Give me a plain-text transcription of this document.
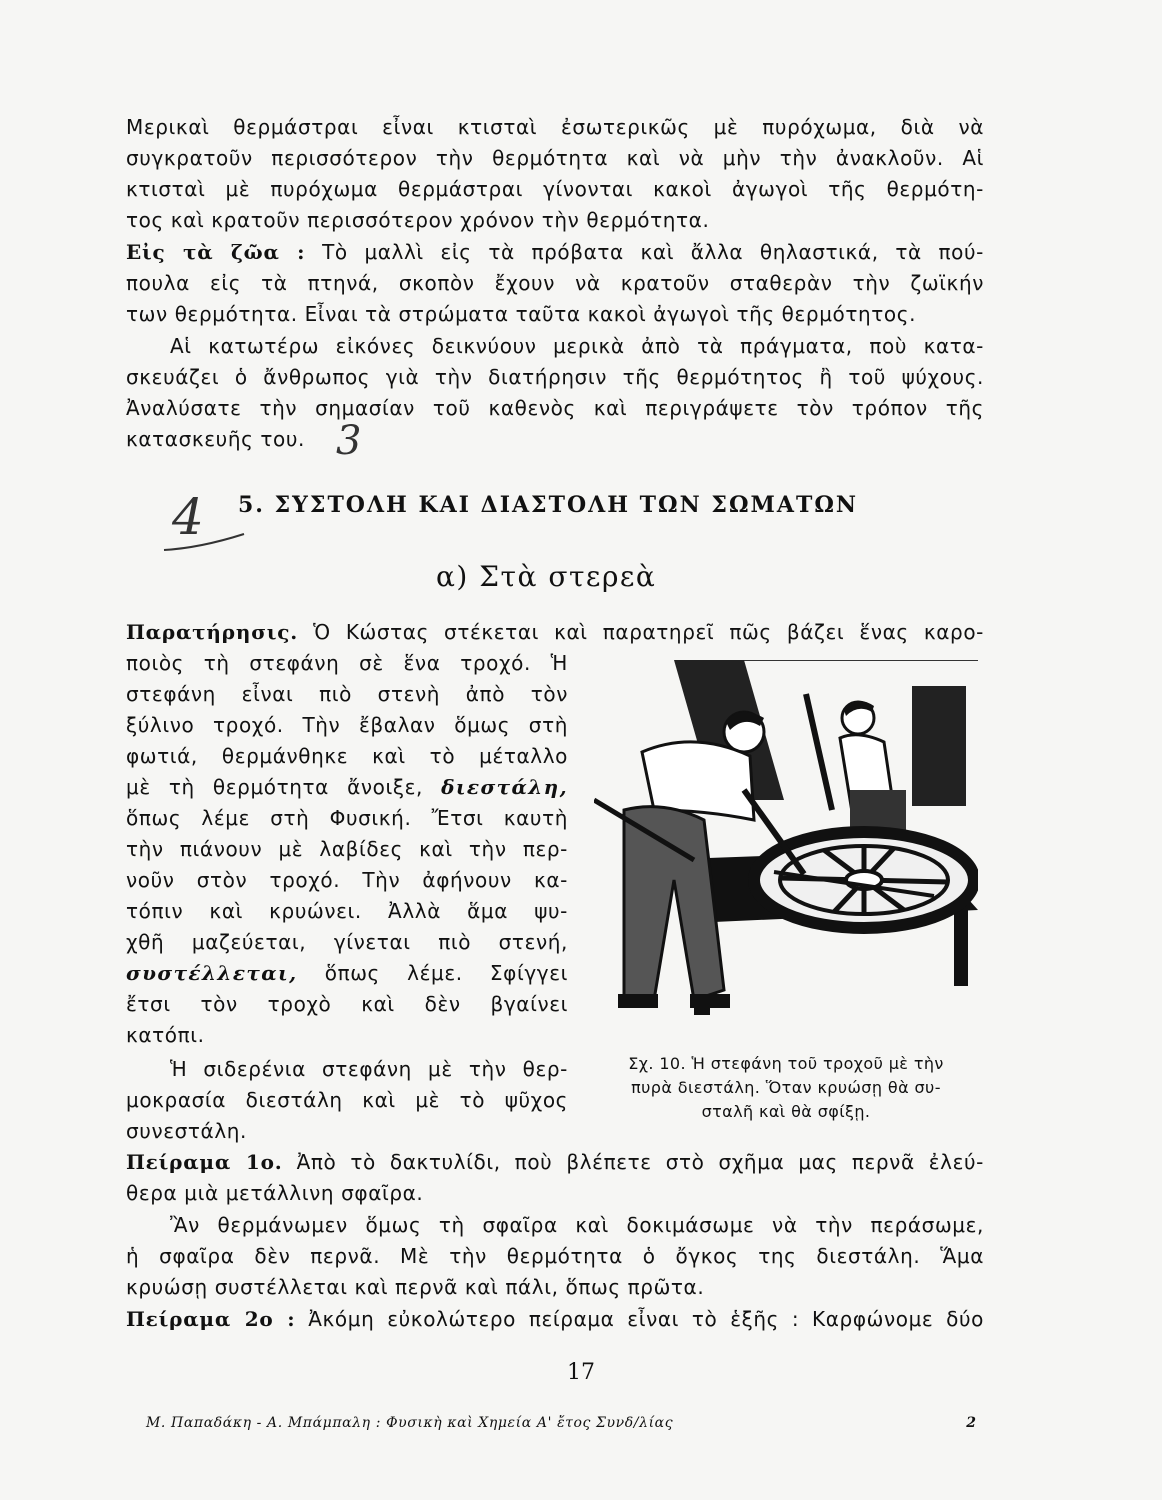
Μερικαὶ θερμάστραι εἶναι κτισταὶ ἐσωτερικῶς μὲ πυρόχωμα, διὰ νὰ
συγκρατοῦν περισσότερον τὴν θερμότητα καὶ νὰ μὴν τὴν ἀνακλοῦν. Αἱ
κτισταὶ μὲ πυρόχωμα θερμάστραι γίνονται κακοὶ ἀγωγοὶ τῆς θερμότη-
τος καὶ κρατοῦν περισσότερον χρόνον τὴν θερμότητα.
Εἰς τὰ ζῶα : Τὸ μαλλὶ εἰς τὰ πρόβατα καὶ ἄλλα θηλαστικά, τὰ πού-
πουλα εἰς τὰ πτηνά, σκοπὸν ἔχουν νὰ κρατοῦν σταθερὰν τὴν ζωϊκήν
των θερμότητα. Εἶναι τὰ στρώματα ταῦτα κακοὶ ἀγωγοὶ τῆς θερμότητος.
Αἱ κατωτέρω εἰκόνες δεικνύουν μερικὰ ἀπὸ τὰ πράγματα, ποὺ κατα-
σκευάζει ὁ ἄνθρωπος γιὰ τὴν διατήρησιν τῆς θερμότητος ἢ τοῦ ψύχους.
Ἀναλύσατε τὴν σημασίαν τοῦ καθενὸς καὶ περιγράψετε τὸν τρόπον τῆς
κατασκευῆς του. 3
4 5. ΣΥΣΤΟΛΗ ΚΑΙ ΔΙΑΣΤΟΛΗ ΤΩΝ ΣΩΜΑΤΩΝ
α) Στὰ στερεὰ
Παρατήρησις. Ὁ Κώστας στέκεται καὶ παρατηρεῖ πῶς βάζει ἕνας καρο-
ποιὸς τὴ στεφάνη σὲ ἕνα τροχό. Ἡ
στεφάνη εἶναι πιὸ στενὴ ἀπὸ τὸν
ξύλινο τροχό. Τὴν ἔβαλαν ὅμως στὴ
φωτιά, θερμάνθηκε καὶ τὸ μέταλλο
μὲ τὴ θερμότητα ἄνοιξε, διεστάλη,
ὅπως λέμε στὴ Φυσική. Ἔτσι καυτὴ
τὴν πιάνουν μὲ λαβίδες καὶ τὴν περ-
νοῦν στὸν τροχό. Τὴν ἀφήνουν κα-
τόπιν καὶ κρυώνει. Ἀλλὰ ἅμα ψυ-
χθῆ μαζεύεται, γίνεται πιὸ στενή,
συστέλλεται, ὅπως λέμε. Σφίγγει
ἔτσι τὸν τροχὸ καὶ δὲν βγαίνει
κατόπι.
Ἡ σιδερένια στεφάνη μὲ τὴν θερ-
μοκρασία διεστάλη καὶ μὲ τὸ ψῦχος
συνεστάλη.
Σχ. 10. Ἡ στεφάνη τοῦ τροχοῦ μὲ τὴν
πυρὰ διεστάλη. Ὅταν κρυώσῃ θὰ συ-
σταλῆ καὶ θὰ σφίξῃ.
Πείραμα 1ο. Ἀπὸ τὸ δακτυλίδι, ποὺ βλέπετε στὸ σχῆμα μας περνᾶ ἐλεύ-
θερα μιὰ μετάλλινη σφαῖρα.
Ἂν θερμάνωμεν ὅμως τὴ σφαῖρα καὶ δοκιμάσωμε νὰ τὴν περάσωμε,
ἡ σφαῖρα δὲν περνᾶ. Μὲ τὴν θερμότητα ὁ ὄγκος της διεστάλη. Ἅμα
κρυώσῃ συστέλλεται καὶ περνᾶ καὶ πάλι, ὅπως πρῶτα.
Πείραμα 2ο : Ἀκόμη εὐκολώτερο πείραμα εἶναι τὸ ἑξῆς : Καρφώνομε δύο
17
Μ. Παπαδάκη - Α. Μπάμπαλη : Φυσικὴ καὶ Χημεία Α' ἔτος Συνδ/λίας	2
